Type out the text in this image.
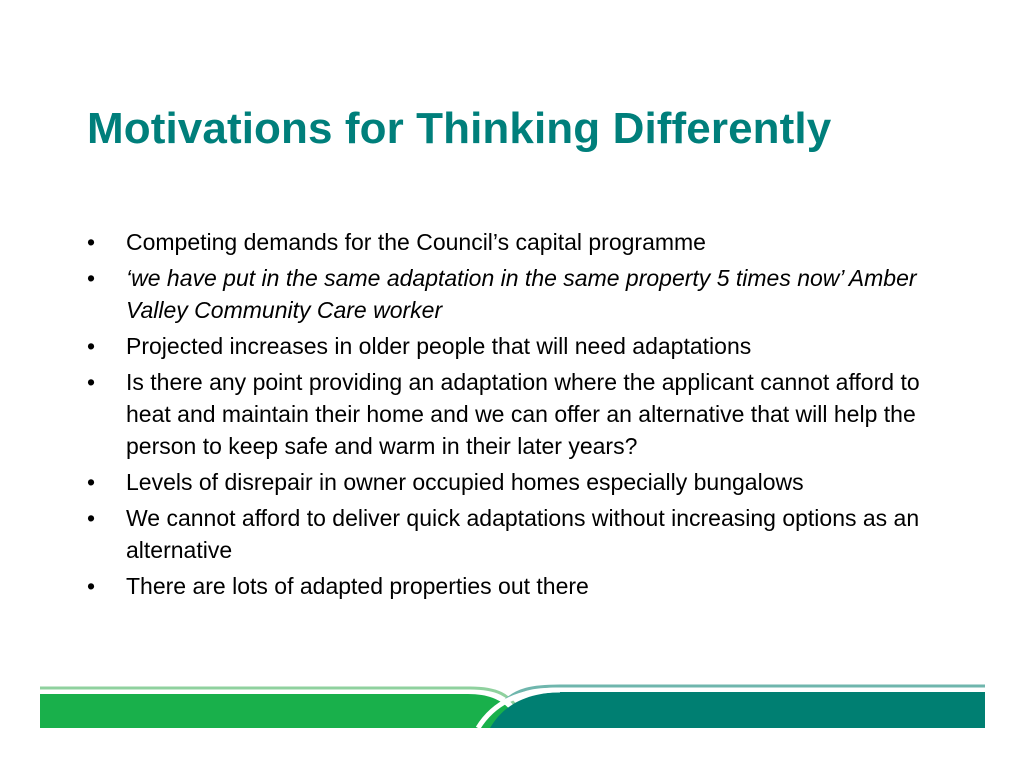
Motivations for Thinking Differently
• Competing demands for the Council’s capital programme
• ‘we have put in the same adaptation in the same property 5 times now’ Amber Valley Community Care worker
• Projected increases in older people that will need adaptations
• Is there any point providing an adaptation where the applicant cannot afford to heat and maintain their home and we can offer an alternative that will help the person to keep safe and warm in their later years?
• Levels of disrepair in owner occupied homes especially bungalows
• We cannot afford to deliver quick adaptations without increasing options as an alternative
• There are lots of adapted properties out there
